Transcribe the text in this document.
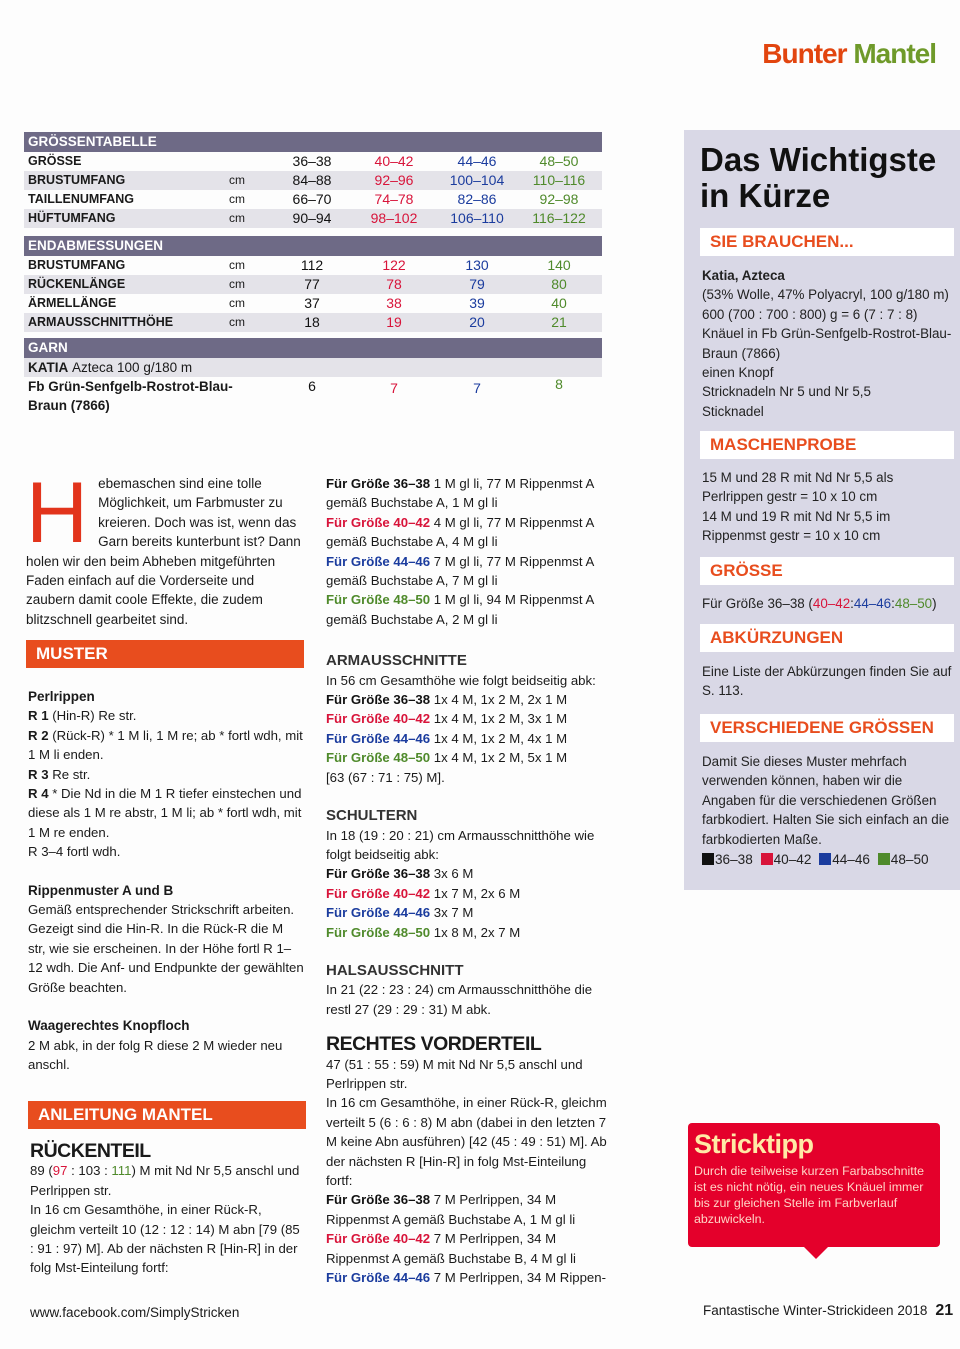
Bunter Mantel
GRÖSSENTABELLE
GRÖSSE	36–38	40–42	44–46	48–50
BRUSTUMFANG	cm	84–88	92–96	100–104	110–116
TAILLENUMFANG	cm	66–70	74–78	82–86	92–98
HÜFTUMFANG	cm	90–94	98–102	106–110	116–122
ENDABMESSUNGEN
BRUSTUMFANG	cm	112	122	130	140
RÜCKENLÄNGE	cm	77	78	79	80
ÄRMELLÄNGE	cm	37	38	39	40
ARMAUSSCHNITTHÖHE	cm	18	19	20	21
GARN
KATIA Azteca 100 g/180 m
Fb Grün-Senfgelb-Rostrot-Blau-
Braun (7866)
6	7	7	8
Hebemaschen sind eine tolle Möglichkeit, um Farbmuster zu kreieren. Doch was ist, wenn das Garn bereits kunterbunt ist? Dann holen wir den beim Abheben mitgeführten Faden einfach auf die Vorderseite und zaubern damit coole Effekte, die zudem blitzschnell gearbeitet sind.
MUSTER
Perlrippen
R 1 (Hin-R) Re str.
R 2 (Rück-R) * 1 M li, 1 M re; ab * fortl wdh, mit 1 M li enden.
R 3 Re str.
R 4 * Die Nd in die M 1 R tiefer einstechen und diese als 1 M re abstr, 1 M li; ab * fortl wdh, mit 1 M re enden.
R 3–4 fortl wdh.
Rippenmuster A und B
Gemäß entsprechender Strickschrift arbeiten. Gezeigt sind die Hin-R. In die Rück-R die M str, wie sie erscheinen. In der Höhe fortl R 1–12 wdh. Die Anf- und Endpunkte der gewählten Größe beachten.
Waagerechtes Knopfloch
2 M abk, in der folg R diese 2 M wieder neu anschl.
ANLEITUNG MANTEL
RÜCKENTEIL
89 (97 : 103 : 111) M mit Nd Nr 5,5 anschl und Perlrippen str.
In 16 cm Gesamthöhe, in einer Rück-R, gleichm verteilt 10 (12 : 12 : 14) M abn [79 (85 : 91 : 97) M]. Ab der nächsten R [Hin-R] in der folg Mst-Einteilung fortf:
Für Größe 36–38 1 M gl li, 77 M Rippenmst A gemäß Buchstabe A, 1 M gl li
Für Größe 40–42 4 M gl li, 77 M Rippenmst A gemäß Buchstabe A, 4 M gl li
Für Größe 44–46 7 M gl li, 77 M Rippenmst A gemäß Buchstabe A, 7 M gl li
Für Größe 48–50 1 M gl li, 94 M Rippenmst A gemäß Buchstabe A, 2 M gl li
ARMAUSSCHNITTE
In 56 cm Gesamthöhe wie folgt beidseitig abk:
Für Größe 36–38 1x 4 M, 1x 2 M, 2x 1 M
Für Größe 40–42 1x 4 M, 1x 2 M, 3x 1 M
Für Größe 44–46 1x 4 M, 1x 2 M, 4x 1 M
Für Größe 48–50 1x 4 M, 1x 2 M, 5x 1 M
[63 (67 : 71 : 75) M].
SCHULTERN
In 18 (19 : 20 : 21) cm Armausschnitthöhe wie folgt beidseitig abk:
Für Größe 36–38 3x 6 M
Für Größe 40–42 1x 7 M, 2x 6 M
Für Größe 44–46 3x 7 M
Für Größe 48–50 1x 8 M, 2x 7 M
HALSAUSSCHNITT
In 21 (22 : 23 : 24) cm Armausschnitthöhe die restl 27 (29 : 29 : 31) M abk.
RECHTES VORDERTEIL
47 (51 : 55 : 59) M mit Nd Nr 5,5 anschl und Perlrippen str.
In 16 cm Gesamthöhe, in einer Rück-R, gleichm verteilt 5 (6 : 6 : 8) M abn (dabei in den letzten 7 M keine Abn ausführen) [42 (45 : 49 : 51) M]. Ab der nächsten R [Hin-R] in folg Mst-Einteilung fortf:
Für Größe 36–38 7 M Perlrippen, 34 M Rippenmst A gemäß Buchstabe A, 1 M gl li
Für Größe 40–42 7 M Perlrippen, 34 M Rippenmst A gemäß Buchstabe B, 4 M gl li
Für Größe 44–46 7 M Perlrippen, 34 M Rippen-
Das Wichtigste
in Kürze
SIE BRAUCHEN...
Katia, Azteca
(53% Wolle, 47% Polyacryl, 100 g/180 m)
600 (700 : 700 : 800) g = 6 (7 : 7 : 8)
Knäuel in Fb Grün-Senfgelb-Rostrot-Blau-
Braun (7866)
einen Knopf
Stricknadeln Nr 5 und Nr 5,5
Sticknadel
MASCHENPROBE
15 M und 28 R mit Nd Nr 5,5 als Perlrippen gestr = 10 x 10 cm
14 M und 19 R mit Nd Nr 5,5 im Rippenmst gestr = 10 x 10 cm
GRÖSSE
Für Größe 36–38 (40–42:44–46:48–50)
ABKÜRZUNGEN
Eine Liste der Abkürzungen finden Sie auf S. 113.
VERSCHIEDENE GRÖSSEN
Damit Sie dieses Muster mehrfach verwenden können, haben wir die Angaben für die verschiedenen Größen farbkodiert. Halten Sie sich einfach an die farbkodierten Maße.
36–38 40–42 44–46 48–50
Stricktipp
Durch die teilweise kurzen Farbabschnitte ist es nicht nötig, ein neues Knäuel immer bis zur gleichen Stelle im Farbverlauf abzuwickeln.
www.facebook.com/SimplyStricken	Fantastische Winter-Strickideen 2018 21
